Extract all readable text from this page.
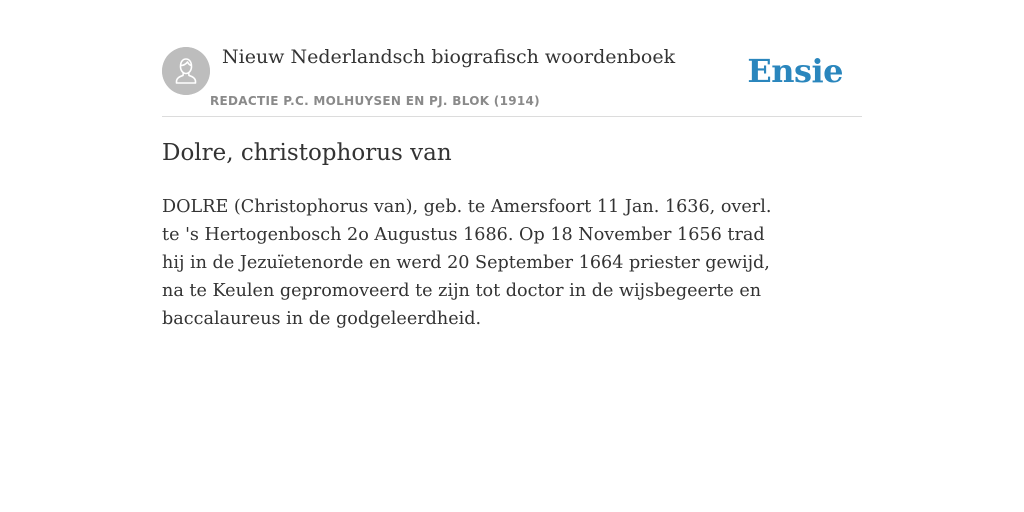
Nieuw Nederlandsch biografisch woordenboek
REDACTIE P.C. MOLHUYSEN EN PJ. BLOK (1914)
Ensie
Dolre, christophorus van

DOLRE (Christophorus van), geb. te Amersfoort 11 Jan. 1636, overl. te 's Hertogenbosch 2o Augustus 1686. Op 18 November 1656 trad hij in de Jezuïetenorde en werd 20 September 1664 priester gewijd, na te Keulen gepromoveerd te zijn tot doctor in de wijsbegeerte en baccalaureus in de godgeleerdheid.
